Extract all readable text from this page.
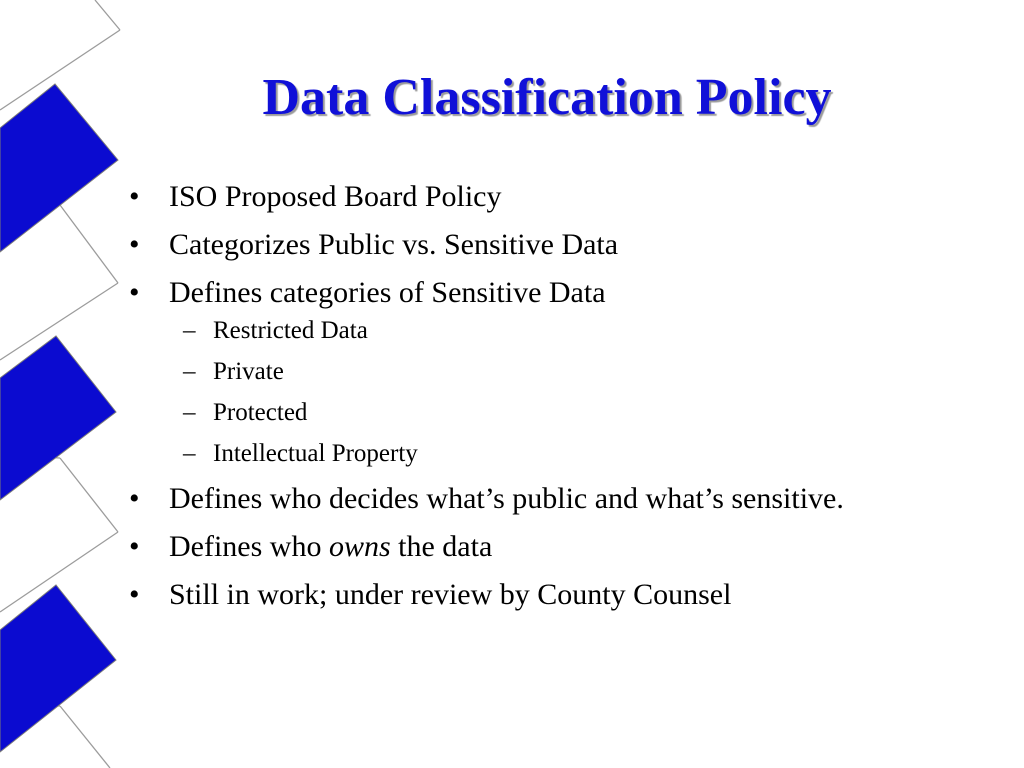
Data Classification Policy
• ISO Proposed Board Policy
• Categorizes Public vs. Sensitive Data
• Defines categories of Sensitive Data
– Restricted Data
– Private
– Protected
– Intellectual Property
• Defines who decides what’s public and what’s sensitive.
• Defines who owns the data
• Still in work; under review by County Counsel
